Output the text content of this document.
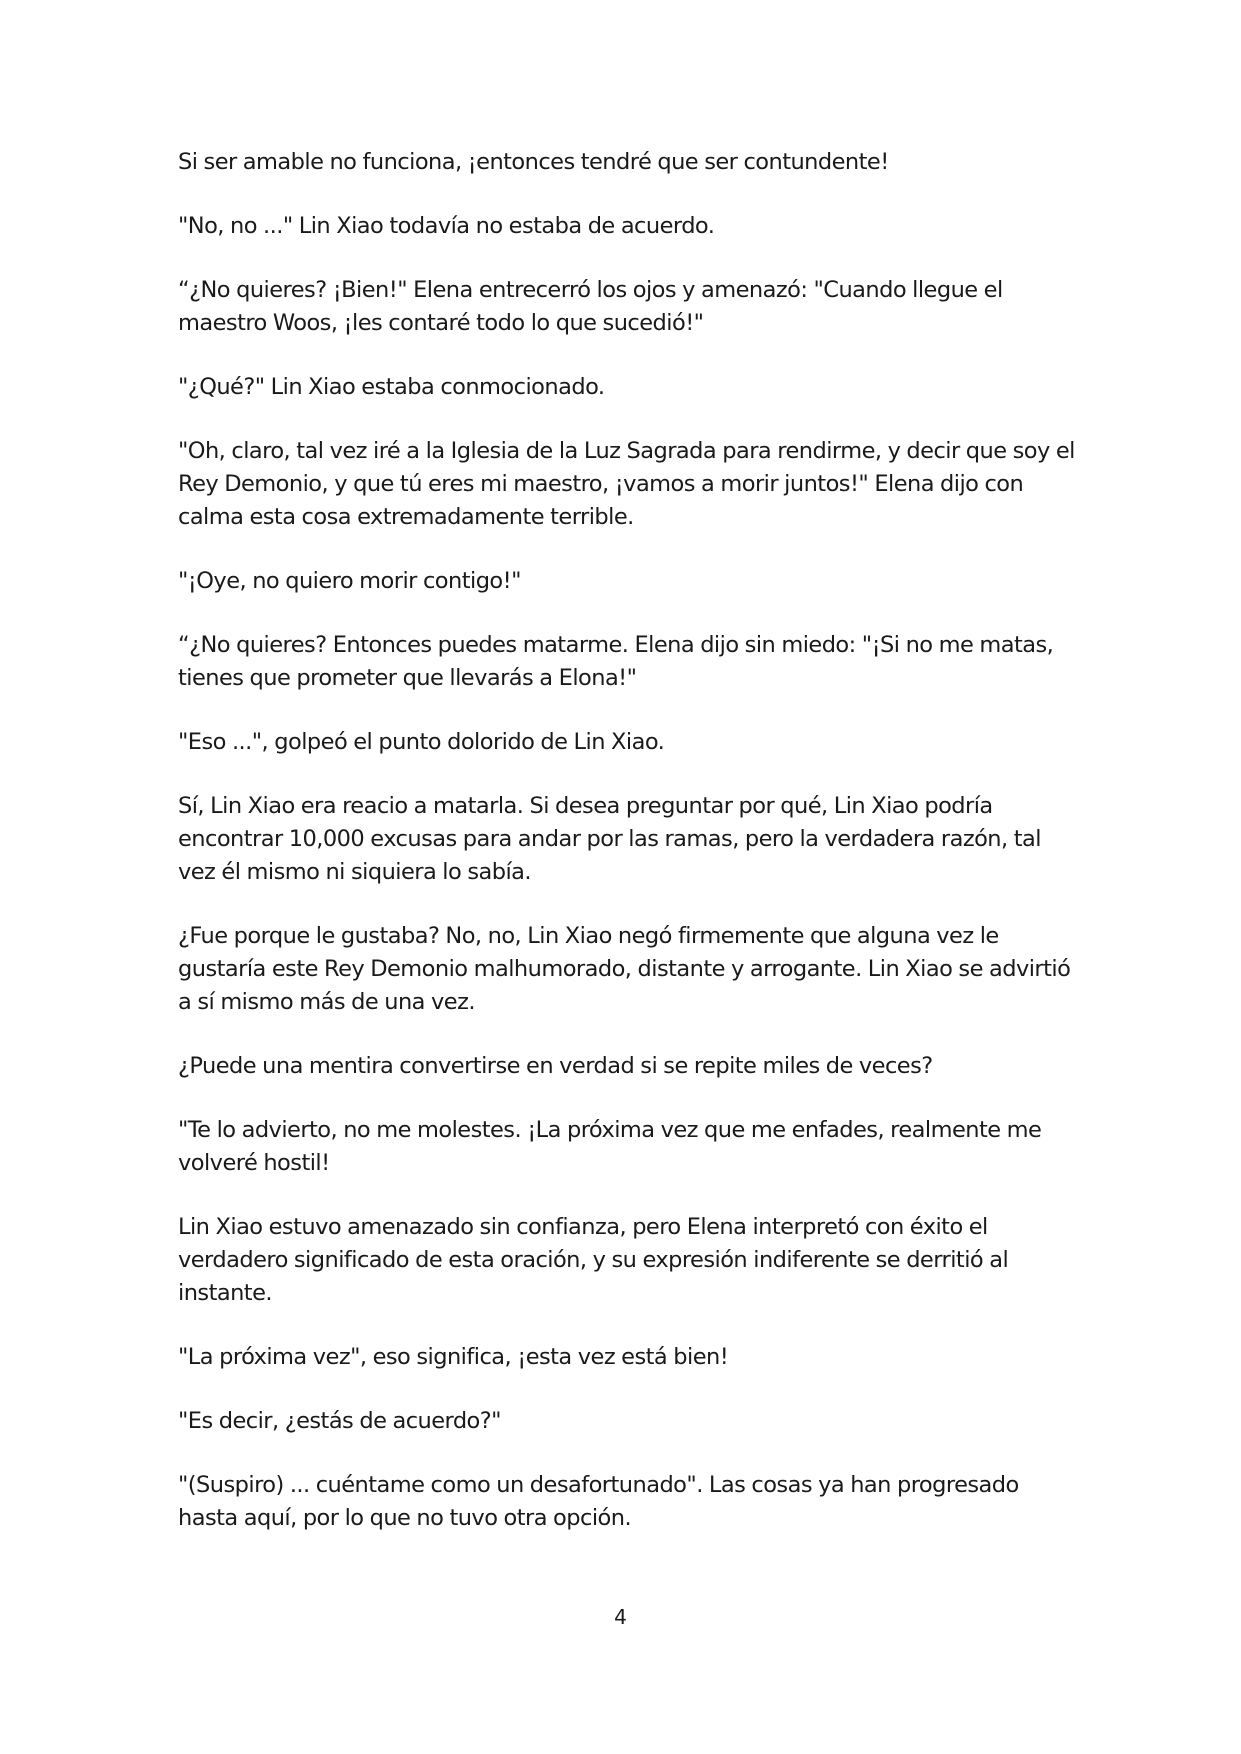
Si ser amable no funciona, ¡entonces tendré que ser contundente!

"No, no ..." Lin Xiao todavía no estaba de acuerdo.

“¿No quieres? ¡Bien!" Elena entrecerró los ojos y amenazó: "Cuando llegue el maestro Woos, ¡les contaré todo lo que sucedió!"

"¿Qué?" Lin Xiao estaba conmocionado.

"Oh, claro, tal vez iré a la Iglesia de la Luz Sagrada para rendirme, y decir que soy el Rey Demonio, y que tú eres mi maestro, ¡vamos a morir juntos!" Elena dijo con calma esta cosa extremadamente terrible.

"¡Oye, no quiero morir contigo!"

“¿No quieres? Entonces puedes matarme. Elena dijo sin miedo: "¡Si no me matas, tienes que prometer que llevarás a Elona!"

"Eso ...", golpeó el punto dolorido de Lin Xiao.

Sí, Lin Xiao era reacio a matarla. Si desea preguntar por qué, Lin Xiao podría encontrar 10,000 excusas para andar por las ramas, pero la verdadera razón, tal vez él mismo ni siquiera lo sabía.

¿Fue porque le gustaba? No, no, Lin Xiao negó firmemente que alguna vez le gustaría este Rey Demonio malhumorado, distante y arrogante. Lin Xiao se advirtió a sí mismo más de una vez.

¿Puede una mentira convertirse en verdad si se repite miles de veces?

"Te lo advierto, no me molestes. ¡La próxima vez que me enfades, realmente me volveré hostil!

Lin Xiao estuvo amenazado sin confianza, pero Elena interpretó con éxito el verdadero significado de esta oración, y su expresión indiferente se derritió al instante.

"La próxima vez", eso significa, ¡esta vez está bien!

"Es decir, ¿estás de acuerdo?"

"(Suspiro) ... cuéntame como un desafortunado". Las cosas ya han progresado hasta aquí, por lo que no tuvo otra opción.

4
